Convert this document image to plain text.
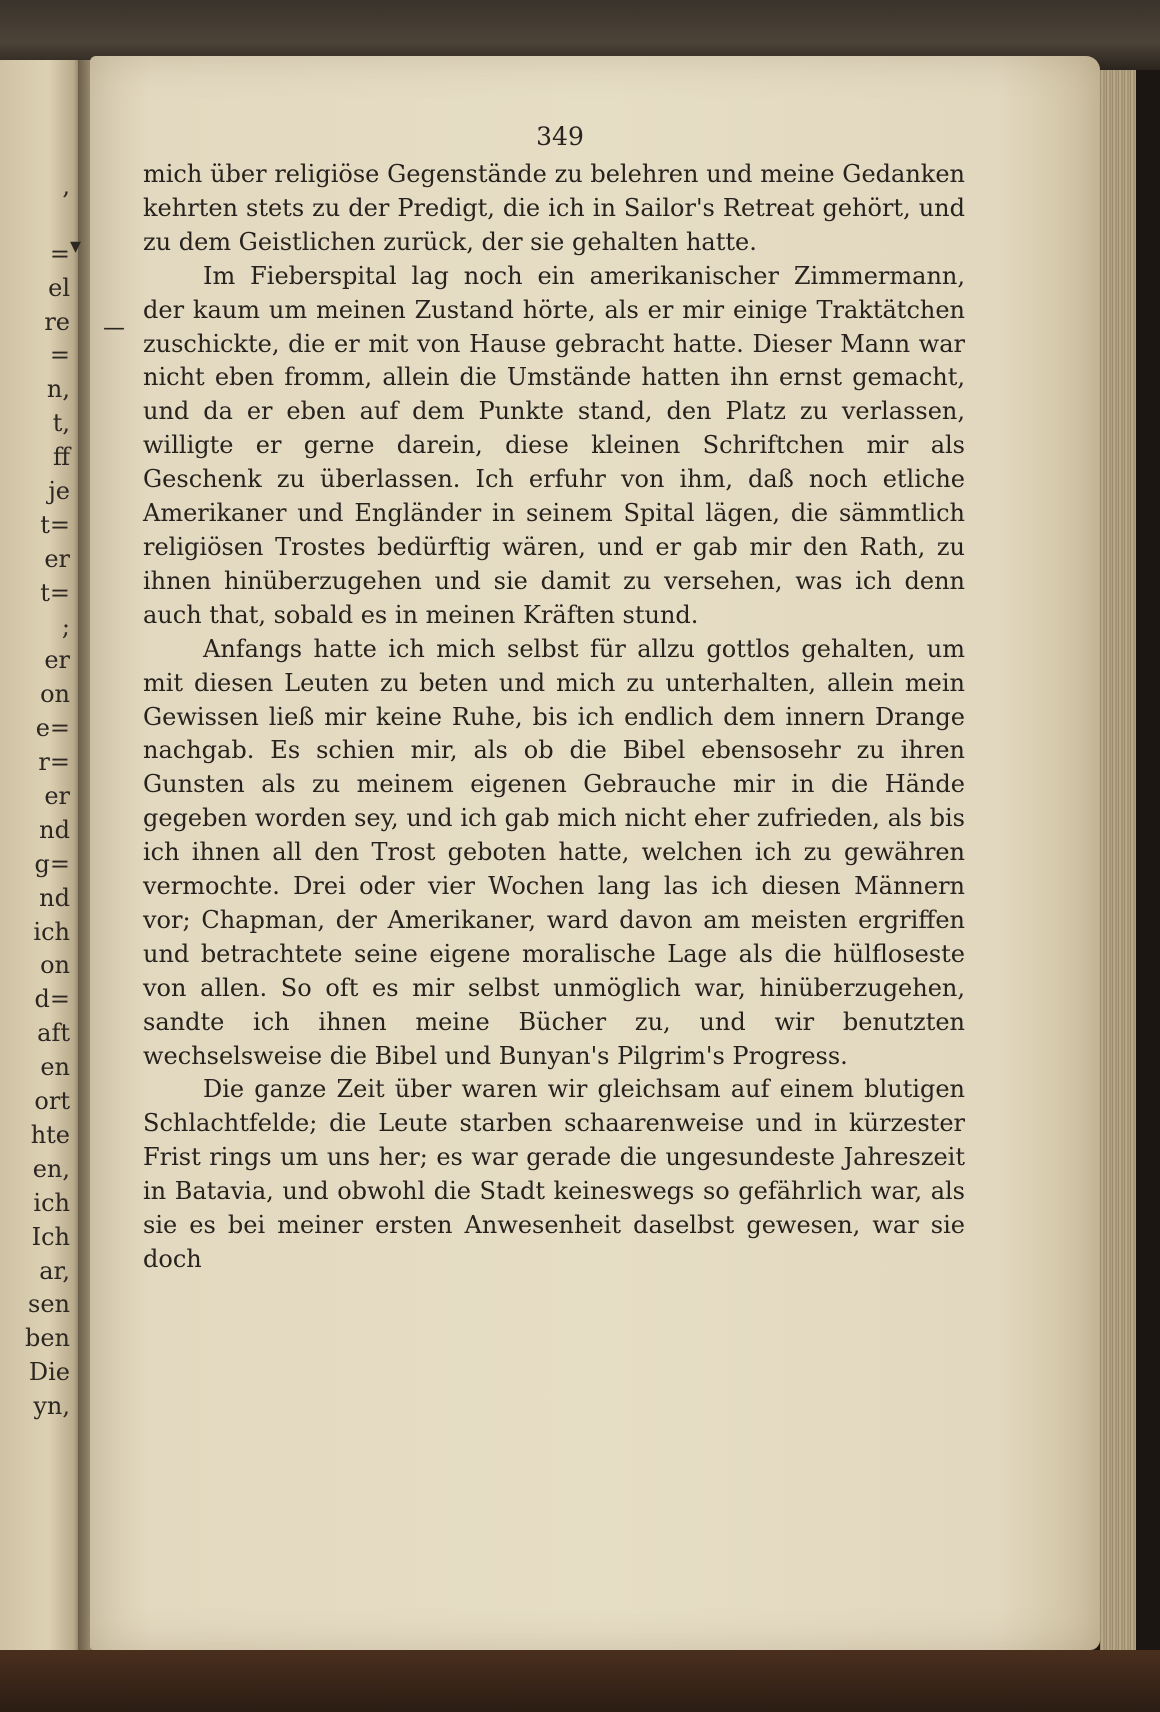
,
=
el
re
=
n,
t,
ff
je
t=
er
t=
;
er
on
e=
r=
er
nd
g=
nd
ich
on
d=
aft
en
ort
hte
en,
ich
Ich
ar,
sen
ben
Die
yn,
—
▾
349

mich über religiöse Gegenstände zu belehren und meine Gedanken kehrten stets zu der Predigt, die ich in Sailor's Retreat gehört, und zu dem Geistlichen zurück, der sie gehalten hatte.

Im Fieberspital lag noch ein amerikanischer Zimmermann, der kaum um meinen Zustand hörte, als er mir einige Traktätchen zuschickte, die er mit von Hause gebracht hatte. Dieser Mann war nicht eben fromm, allein die Umstände hatten ihn ernst gemacht, und da er eben auf dem Punkte stand, den Platz zu verlassen, willigte er gerne darein, diese kleinen Schriftchen mir als Geschenk zu überlassen. Ich erfuhr von ihm, daß noch etliche Amerikaner und Engländer in seinem Spital lägen, die sämmtlich religiösen Trostes bedürftig wären, und er gab mir den Rath, zu ihnen hinüberzugehen und sie damit zu versehen, was ich denn auch that, sobald es in meinen Kräften stund.

Anfangs hatte ich mich selbst für allzu gottlos gehalten, um mit diesen Leuten zu beten und mich zu unterhalten, allein mein Gewissen ließ mir keine Ruhe, bis ich endlich dem innern Drange nachgab. Es schien mir, als ob die Bibel ebensosehr zu ihren Gunsten als zu meinem eigenen Gebrauche mir in die Hände gegeben worden sey, und ich gab mich nicht eher zufrieden, als bis ich ihnen all den Trost geboten hatte, welchen ich zu gewähren vermochte. Drei oder vier Wochen lang las ich diesen Männern vor; Chapman, der Amerikaner, ward davon am meisten ergriffen und betrachtete seine eigene moralische Lage als die hülfloseste von allen. So oft es mir selbst unmöglich war, hinüberzugehen, sandte ich ihnen meine Bücher zu, und wir benutzten wechselsweise die Bibel und Bunyan's Pilgrim's Progress.

Die ganze Zeit über waren wir gleichsam auf einem blutigen Schlachtfelde; die Leute starben schaarenweise und in kürzester Frist rings um uns her; es war gerade die ungesundeste Jahreszeit in Batavia, und obwohl die Stadt keineswegs so gefährlich war, als sie es bei meiner ersten Anwesenheit daselbst gewesen, war sie doch
